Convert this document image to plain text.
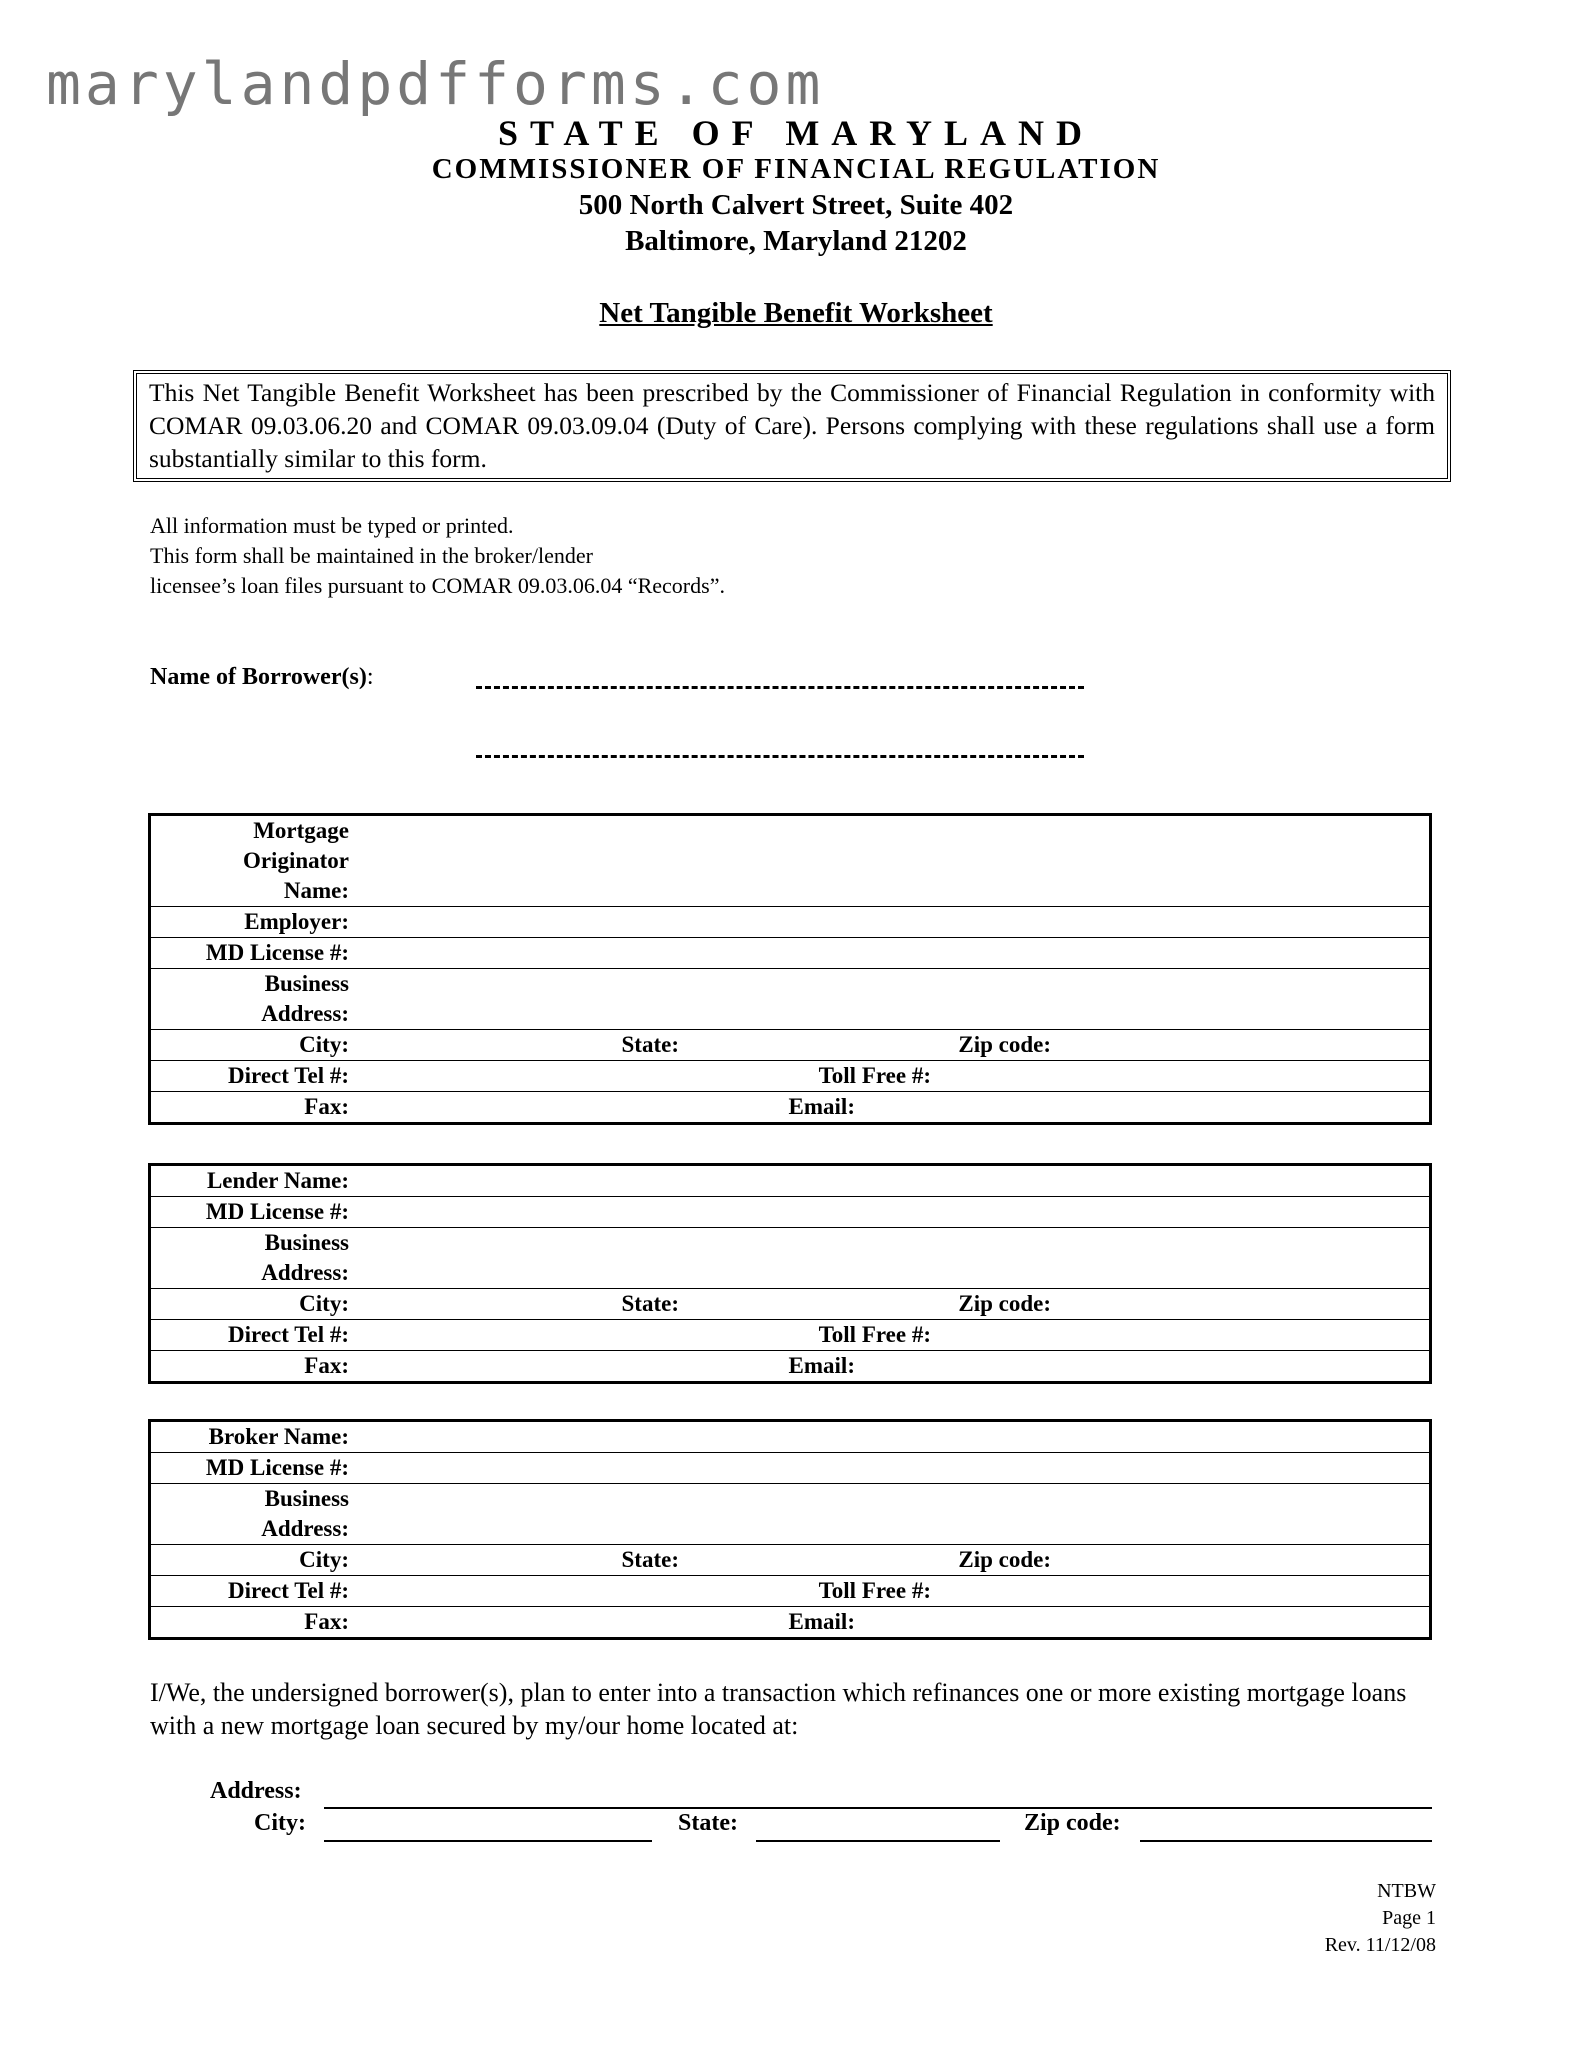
marylandpdfforms.com
STATE OF MARYLAND
COMMISSIONER OF FINANCIAL REGULATION
500 North Calvert Street, Suite 402
Baltimore, Maryland 21202
Net Tangible Benefit Worksheet
This Net Tangible Benefit Worksheet has been prescribed by the Commissioner of Financial Regulation in conformity with COMAR 09.03.06.20 and COMAR 09.03.09.04 (Duty of Care). Persons complying with these regulations shall use a form substantially similar to this form.
All information must be typed or printed.
This form shall be maintained in the broker/lender
licensee’s loan files pursuant to COMAR 09.03.06.04 “Records”.
Name of Borrower(s):
Mortgage
Originator
Name:			

Employer:			
MD License #:			

Business
Address:			

City:	State:	Zip code:	
Direct Tel #:	Toll Free #:		
Fax:	Email:		
Lender Name:			
MD License #:			

Business
Address:			

City:	State:	Zip code:	
Direct Tel #:	Toll Free #:		
Fax:	Email:		
Broker Name:			
MD License #:			

Business
Address:			

City:	State:	Zip code:	
Direct Tel #:	Toll Free #:		
Fax:	Email:		
I/We, the undersigned borrower(s), plan to enter into a transaction which refinances one or more existing mortgage loans with a new mortgage loan secured by my/our home located at:
Address:
City:	State:	Zip code:
NTBW
Page 1
Rev. 11/12/08
